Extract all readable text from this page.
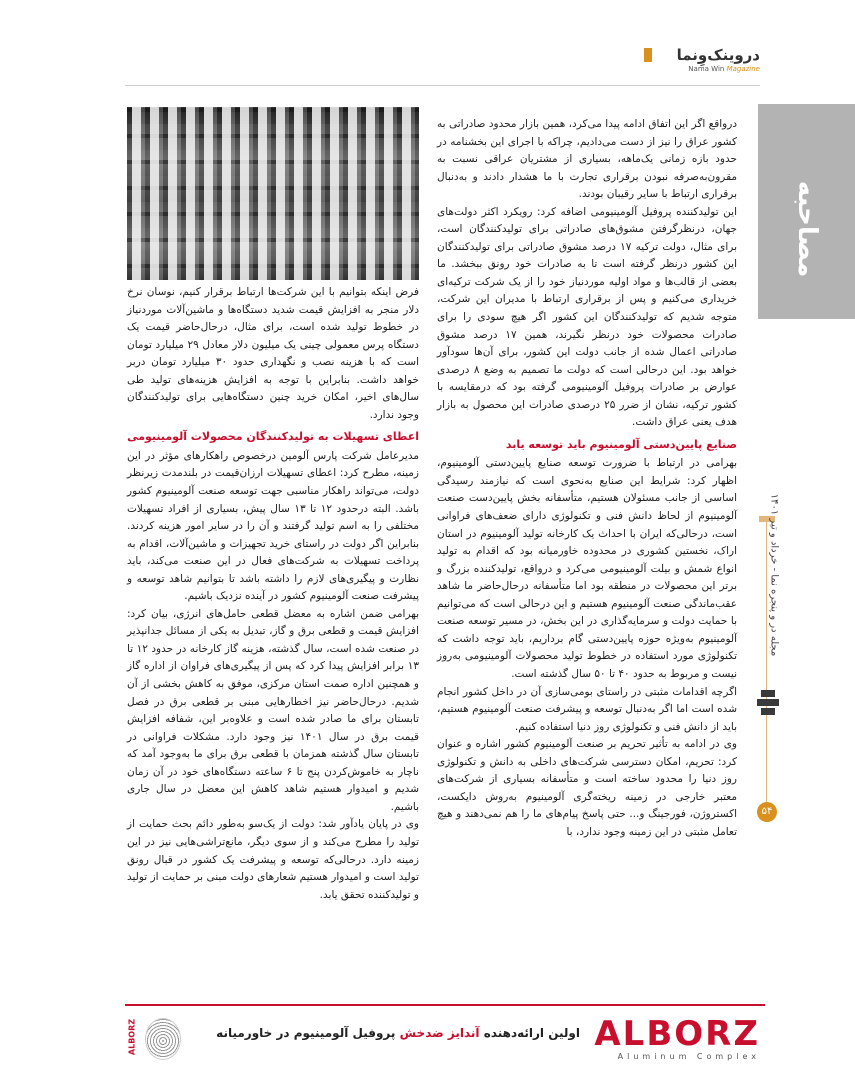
دروینک‌وِنما
Nama Win Magazine
مصاحبه
مجله در و پنجره نما - خرداد و تیر ۱۴۰۱
۵۴

درواقع اگر این اتفاق ادامه پیدا می‌کرد، همین بازار محدود صادراتی به کشور عراق را نیز از دست می‌دادیم، چراکه با اجرای این بخشنامه در حدود بازه زمانی یک‌ماهه، بسیاری از مشتریان عراقی نسبت به مقرون‌به‌صرفه نبودن برقراری تجارت با ما هشدار دادند و به‌دنبال برقراری ارتباط با سایر رقیبان بودند.

این تولیدکننده پروفیل آلومینیومی اضافه کرد: رویکرد اکثر دولت‌های جهان، درنظرگرفتن مشوق‌های صادراتی برای تولیدکنندگان است، برای مثال، دولت ترکیه ۱۷ درصد مشوق صادراتی برای تولیدکنندگان این کشور درنظر گرفته است تا به صادرات خود رونق ببخشد. ما بعضی از قالب‌ها و مواد اولیه موردنیاز خود را از یک شرکت ترکیه‌ای خریداری می‌کنیم و پس از برقراری ارتباط با مدیران این شرکت، متوجه شدیم که تولیدکنندگان این کشور اگر هیچ سودی را برای صادرات محصولات خود درنظر نگیرند، همین ۱۷ درصد مشوق صادراتی اعمال شده از جانب دولت این کشور، برای آن‌ها سودآور خواهد بود. این درحالی است که دولت ما تصمیم به وضع ۸ درصدی عوارض بر صادرات پروفیل آلومینیومی گرفته بود که درمقایسه با کشور ترکیه، نشان از ضرر ۲۵ درصدی صادرات این محصول به بازار هدف یعنی عراق داشت.

صنایع پایین‌دستی آلومینیوم باید توسعه یابد

بهرامی در ارتباط با ضرورت توسعه صنایع پایین‌دستی آلومینیوم، اظهار کرد: شرایط این صنایع به‌نحوی است که نیازمند رسیدگی اساسی از جانب مسئولان هستیم، متأسفانه بخش پایین‌دست صنعت آلومینیوم از لحاظ دانش فنی و تکنولوژی دارای ضعف‌های فراوانی است، درحالی‌که ایران با احداث یک کارخانه تولید آلومینیوم در استان اراک، نخستین کشوری در محدوده خاورمیانه بود که اقدام به تولید انواع شمش و بیلت آلومینیومی می‌کرد و درواقع، تولیدکننده بزرگ و برتر این محصولات در منطقه بود اما متأسفانه درحال‌حاضر ما شاهد عقب‌ماندگی صنعت آلومینیوم هستیم و این درحالی است که می‌توانیم با حمایت دولت و سرمایه‌گذاری در این بخش، در مسیر توسعه صنعت آلومینیوم به‌ویژه حوزه پایین‌دستی گام برداریم، باید توجه داشت که تکنولوژی مورد استفاده در خطوط تولید محصولات آلومینیومی به‌روز نیست و مربوط به حدود ۴۰ تا ۵۰ سال گذشته است.

اگرچه اقدامات مثبتی در راستای بومی‌سازی آن در داخل کشور انجام شده است اما اگر به‌دنبال توسعه و پیشرفت صنعت آلومینیوم هستیم، باید از دانش فنی و تکنولوژی روز دنیا استفاده کنیم.

وی در ادامه به تأثیر تحریم بر صنعت آلومینیوم کشور اشاره و عنوان کرد: تحریم، امکان دسترسی شرکت‌های داخلی به دانش و تکنولوژی روز دنیا را محدود ساخته است و متأسفانه بسیاری از شرکت‌های معتبر خارجی در زمینه ریخته‌گری آلومینیوم به‌روش دایکست، اکستروژن، فورجینگ و... حتی پاسخ پیام‌های ما را هم نمی‌دهند و هیچ تعامل مثبتی در این زمینه وجود ندارد، با

فرض اینکه بتوانیم با این شرکت‌ها ارتباط برقرار کنیم، نوسان نرخ دلار منجر به افزایش قیمت شدید دستگاه‌ها و ماشین‌آلات موردنیاز در خطوط تولید شده است، برای مثال، درحال‌حاضر قیمت یک دستگاه پرس معمولی چینی یک میلیون دلار معادل ۲۹ میلیارد تومان است که با هزینه نصب و نگهداری حدود ۳۰ میلیارد تومان دربر خواهد داشت. بنابراین با توجه به افزایش هزینه‌های تولید طی سال‌های اخیر، امکان خرید چنین دستگاه‌هایی برای تولیدکنندگان وجود ندارد.

اعطای تسهیلات به تولیدکنندگان محصولات آلومینیومی

مدیرعامل شرکت پارس آلومین درخصوص راهکارهای مؤثر در این زمینه، مطرح کرد: اعطای تسهیلات ارزان‌قیمت در بلندمدت زیرنظر دولت، می‌تواند راهکار مناسبی جهت توسعه صنعت آلومینیوم کشور باشد. البته درحدود ۱۲ تا ۱۳ سال پیش، بسیاری از افراد تسهیلات مختلفی را به اسم تولید گرفتند و آن را در سایر امور هزینه کردند. بنابراین اگر دولت در راستای خرید تجهیزات و ماشین‌آلات، اقدام به پرداخت تسهیلات به شرکت‌های فعال در این صنعت می‌کند، باید نظارت و پیگیری‌های لازم را داشته باشد تا بتوانیم شاهد توسعه و پیشرفت صنعت آلومینیوم کشور در آینده نزدیک باشیم.

بهرامی ضمن اشاره به معضل قطعی حامل‌های انرژی، بیان کرد: افزایش قیمت و قطعی برق و گاز، تبدیل به یکی از مسائل جدانپذیر در صنعت شده است، سال گذشته، هزینه گاز کارخانه در حدود ۱۲ تا ۱۳ برابر افزایش پیدا کرد که پس از پیگیری‌های فراوان از اداره گاز و همچنین اداره صمت استان مرکزی، موفق به کاهش بخشی از آن شدیم. درحال‌حاضر نیز اخطارهایی مبنی بر قطعی برق در فصل تابستان برای ما صادر شده است و علاوه‌بر این، شفافه افزایش قیمت برق در سال ۱۴۰۱ نیز وجود دارد. مشکلات فراوانی در تابستان سال گذشته همزمان با قطعی برق برای ما به‌وجود آمد که ناچار به خاموش‌کردن پنج تا ۶ ساعته دستگاه‌های خود در آن زمان شدیم و امیدوار هستیم شاهد کاهش این معضل در سال جاری باشیم.

وی در پایان یادآور شد: دولت از یک‌سو به‌طور دائم بحث حمایت از تولید را مطرح می‌کند و از سوی دیگر، مانع‌تراشی‌هایی نیز در این زمینه دارد. درحالی‌که توسعه و پیشرفت یک کشور در قبال رونق تولید است و امیدوار هستیم شعارهای دولت مبنی بر حمایت از تولید و تولیدکننده تحقق یابد.

ALBORZ
Aluminum Complex
اولین ارائه‌دهنده آندایز ضدخش پروفیل آلومینیوم در خاورمیانه
ALBORZ
